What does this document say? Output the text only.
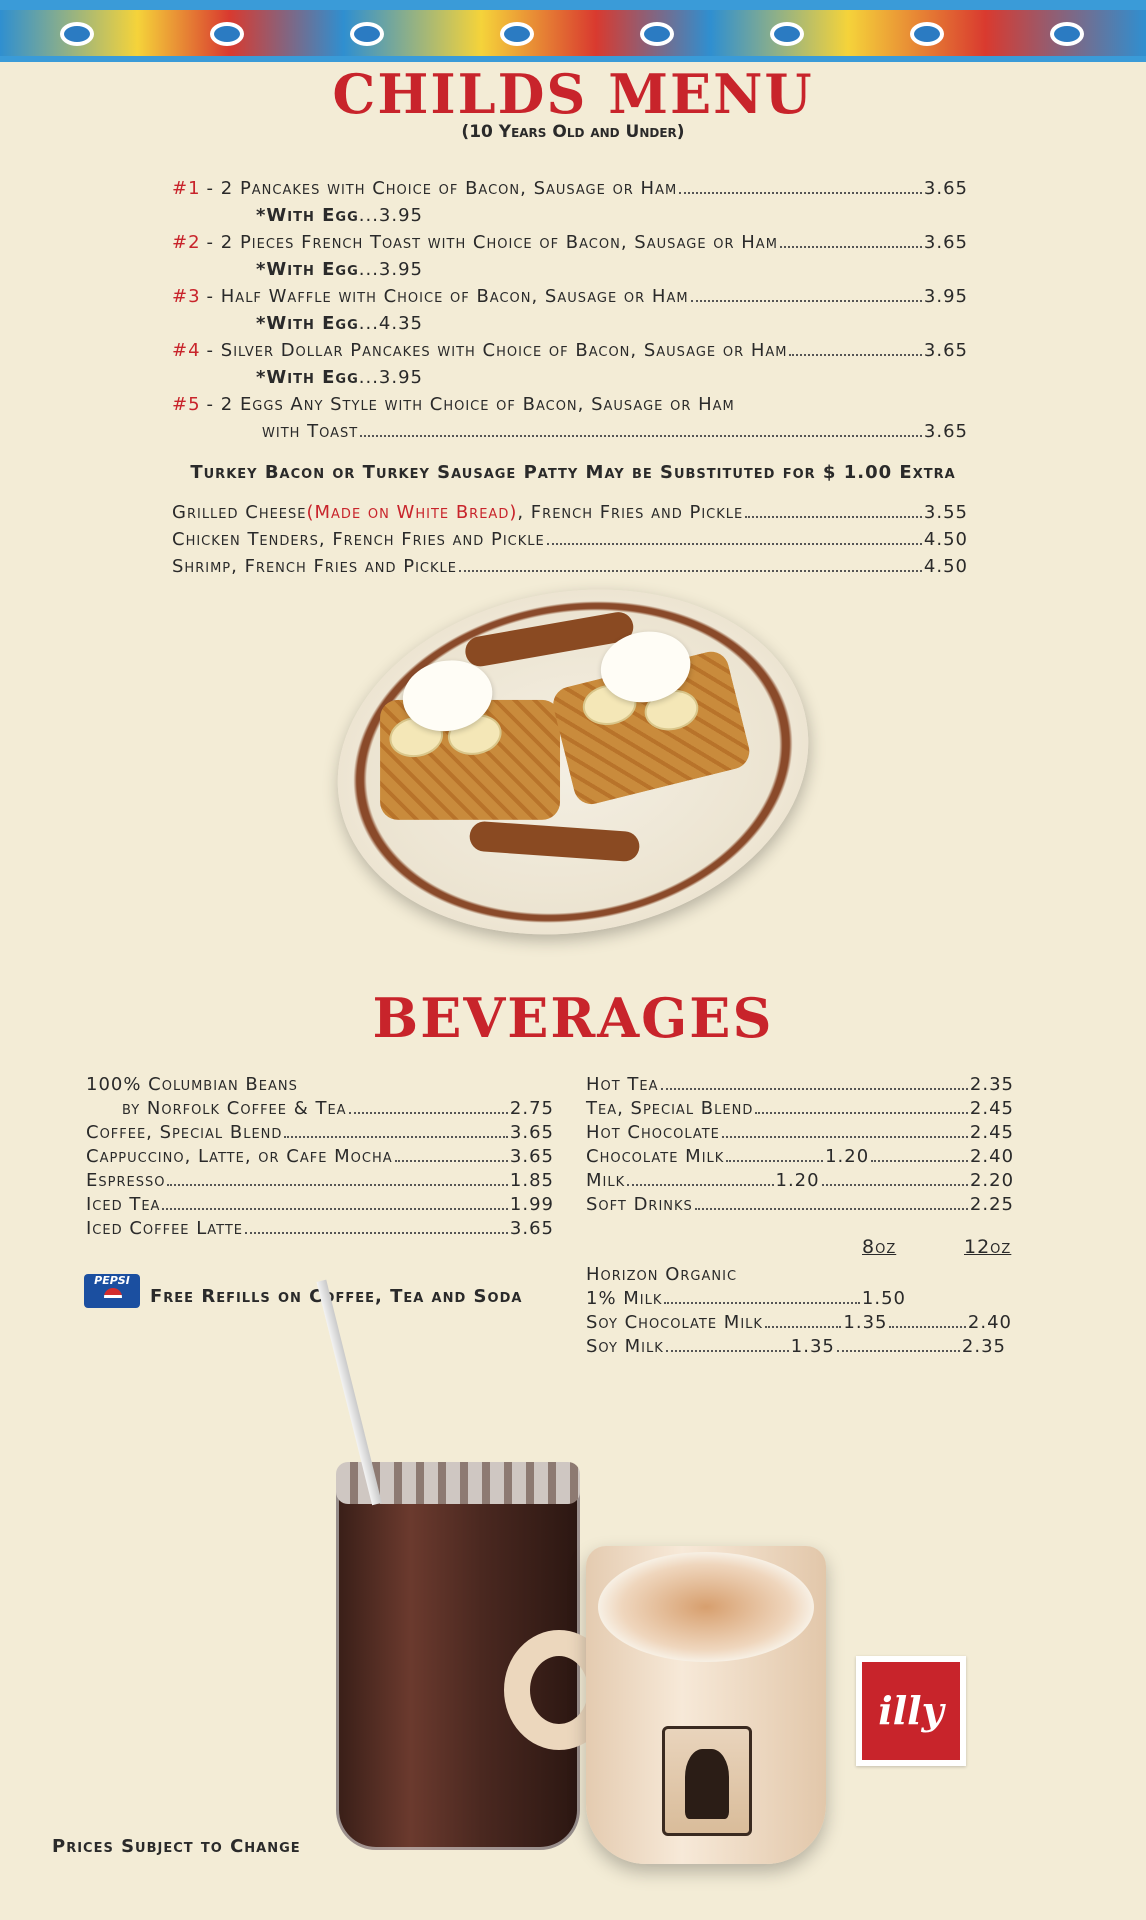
CHILDS MENU
(10 Years Old and Under)
#1 - 2 Pancakes with Choice of Bacon, Sausage or Ham	3.65
*With Egg...3.95
#2 - 2 Pieces French Toast with Choice of Bacon, Sausage or Ham	3.65
*With Egg...3.95
#3 - Half Waffle with Choice of Bacon, Sausage or Ham	3.95
*With Egg...4.35
#4 - Silver Dollar Pancakes with Choice of Bacon, Sausage or Ham	3.65
*With Egg...3.95
#5 - 2 Eggs Any Style with Choice of Bacon, Sausage or Ham
with Toast	3.65
Turkey Bacon or Turkey Sausage Patty May be Substituted for $ 1.00 Extra
Grilled Cheese (Made on White Bread) , French Fries and Pickle	3.55
Chicken Tenders, French Fries and Pickle	4.50
Shrimp, French Fries and Pickle	4.50
BEVERAGES
100% Columbian Beans
by Norfolk Coffee & Tea	2.75
Coffee, Special Blend	3.65
Cappuccino, Latte, or Cafe Mocha	3.65
Espresso	1.85
Iced Tea	1.99
Iced Coffee Latte	3.65
Hot Tea	2.35
Tea, Special Blend	2.45
Hot Chocolate	2.45
Chocolate Milk	1.20	2.40
Milk	1.20	2.20
Soft Drinks	2.25
8oz	12oz
Horizon Organic
1% Milk	1.50
Soy Chocolate Milk	1.35	2.40
Soy Milk	1.35	2.35
PEPSI
Free Refills on Coffee, Tea and Soda
illy
Prices Subject to Change
